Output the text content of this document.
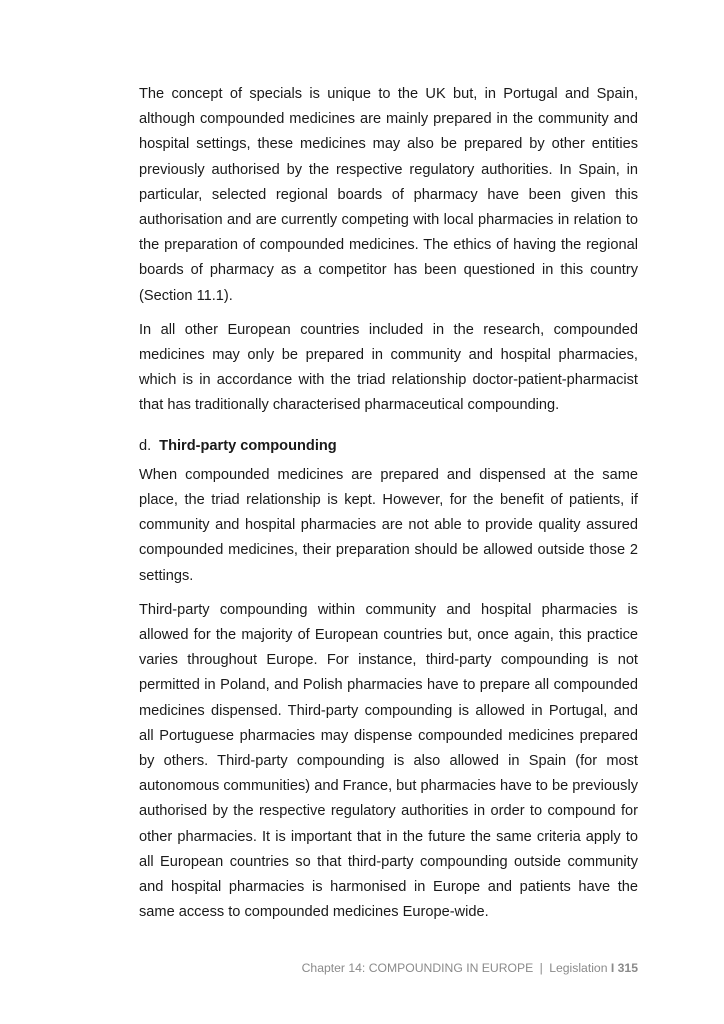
The concept of specials is unique to the UK but, in Portugal and Spain, although compounded medicines are mainly prepared in the community and hospital settings, these medicines may also be prepared by other entities previously authorised by the respective regulatory authorities. In Spain, in particular, selected regional boards of pharmacy have been given this authorisation and are currently competing with local pharmacies in relation to the preparation of compounded medicines. The ethics of having the regional boards of pharmacy as a competitor has been questioned in this country (Section 11.1).

In all other European countries included in the research, compounded medicines may only be prepared in community and hospital pharmacies, which is in accordance with the triad relationship doctor-patient-pharmacist that has traditionally characterised pharmaceutical compounding.

d. Third-party compounding

When compounded medicines are prepared and dispensed at the same place, the triad relationship is kept. However, for the benefit of patients, if community and hospital pharmacies are not able to provide quality assured compounded medicines, their preparation should be allowed outside those 2 settings.

Third-party compounding within community and hospital pharmacies is allowed for the majority of European countries but, once again, this practice varies throughout Europe. For instance, third-party compounding is not permitted in Poland, and Polish pharmacies have to prepare all compounded medicines dispensed. Third-party compounding is allowed in Portugal, and all Portuguese pharmacies may dispense compounded medicines prepared by others. Third-party compounding is also allowed in Spain (for most autonomous communities) and France, but pharmacies have to be previously authorised by the respective regulatory authorities in order to compound for other pharmacies. It is important that in the future the same criteria apply to all European countries so that third-party compounding outside community and hospital pharmacies is harmonised in Europe and patients have the same access to compounded medicines Europe-wide.

Chapter 14: COMPOUNDING IN EUROPE | Legislation I 315
